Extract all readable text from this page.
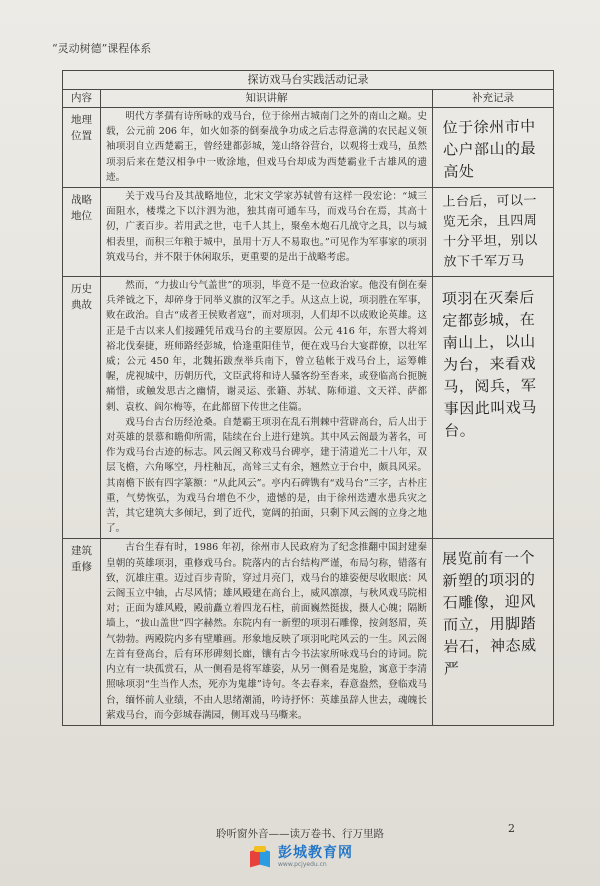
“灵动树德”课程体系
探访戏马台实践活动记录		
内容	知识讲解	补充记录
地理位置	明代方孝孺有诗所咏的戏马台，位于徐州古城南门之外的南山之巅。史载，公元前 206 年，如火如荼的倒秦战争功成之后志得意满的农民起义领袖项羽自立西楚霸王，曾经建都彭城，笼山络谷营台，以观将士戏马，虽然项羽后来在楚汉相争中一败涂地，但戏马台却成为西楚霸业千古雄风的遗迹。	位于徐州市中心户部山的最高处

战略地位	关于戏马台及其战略地位，北宋文学家苏轼曾有这样一段宏论：“城三面阻水，楼堞之下以汴泗为池，独其南可通车马，而戏马台在焉，其高十仞，广袤百步。若用武之世，屯千人其上，聚垒木炮石几战守之具，以与城相表里，而积三年粮于城中，虽用十万人不易取也。”可见作为军事家的项羽筑戏马台，并不限于休闲取乐，更重要的是出于战略考虑。	上台后，可以一览无余，且四周十分平坦，别以放下千军万马

历史典故	然而，“力拔山兮气盖世”的项羽，毕竟不是一位政治家。他没有倒在秦兵斧钺之下，却碎身于同举义旗的汉军之手。从这点上说，项羽胜在军事，败在政治。自古“成者王侯败者寇”，而对项羽，人们却不以成败论英雄。这正是千古以来人们接踵凭吊戏马台的主要原因。公元 416 年，东晋大将刘裕北伐秦捷，班师路经彭城，恰逢重阳佳节，便在戏马台大宴群僚，以壮军威；公元 450 年，北魏拓跋焘举兵南下，曾立毡帐于戏马台上，运筹帷幄，虎视城中，历朝历代，文臣武将和诗人骚客纷至沓来，或登临高台扼腕痛惜，或触发思古之幽情，谢灵运、张籍、苏轼、陈师道、文天祥、萨都剌、袁枚、阎尔梅等，在此都留下传世之佳篇。

戏马台古台历经沧桑。自楚霸王项羽在乱石荆棘中营辟高台，后人出于对英雄的景慕和瞻仰所需，陆续在台上进行建筑。其中风云阁最为著名，可作为戏马台古迹的标志。风云阁又称戏马台碑亭，建于清道光二十八年，双层飞檐，六角啄空，丹柱釉瓦，高耸三丈有余，翘然立于台中，颇具风采。其南檐下嵌有四字篆额：“从此风云”。亭内石碑镌有“戏马台”三字，古朴庄重，气势恢弘，为戏马台增色不少，遗憾的是，由于徐州迭遭水患兵灾之苦，其它建筑大多倾圮，到了近代，宽阔的拍面，只剩下风云阁的立身之地了。	项羽在灭秦后定都彭城，在南山上，以山为台，来看戏马，阅兵，军事因此叫戏马台。

建筑重修	古台生春有时，1986 年初，徐州市人民政府为了纪念推翻中国封建秦皇朝的英雄项羽，重修戏马台。院落内的古台结构严谨，布局匀称，错落有致，沉雄庄重。迈过百步青阶，穿过月亮门，戏马台的雄姿便尽收眼底：风云阁玉立中轴，占尽风情；雄风殿建在高台上，威风凛凛，与秋风戏马院相对；正面为雄风殿，殿前矗立着四龙石柱，前面巍然挺拔，摄人心魄；隔断墙上，“拔山盖世”四字赫然。东院内有一新塑的项羽石雕像，按剑怒眉，英气勃勃。两殿院内多有壁雕画。形象地反映了项羽叱咤风云的一生。风云阁左首有登高台，后有环形碑刻长廊，镶有古今书法家所咏戏马台的诗词。院内立有一块孤赏石，从一侧看是将军雄姿，从另一侧看是鬼脸，寓意于李清照咏项羽“生当作人杰，死亦为鬼雄”诗句。冬去春来，春意盎然，登临戏马台，缅怀前人业绩，不由人思绪潮涌，吟诗抒怀：英雄虽辞人世去，魂魄长萦戏马台，而今彭城春满园，侧耳戏马马嘶来。	展览前有一个新塑的项羽的石雕像，迎风而立，用脚踏岩石，神态威严
聆听窗外音——读万卷书、行万里路	2
彭城教育网
www.pcjyedu.cn
